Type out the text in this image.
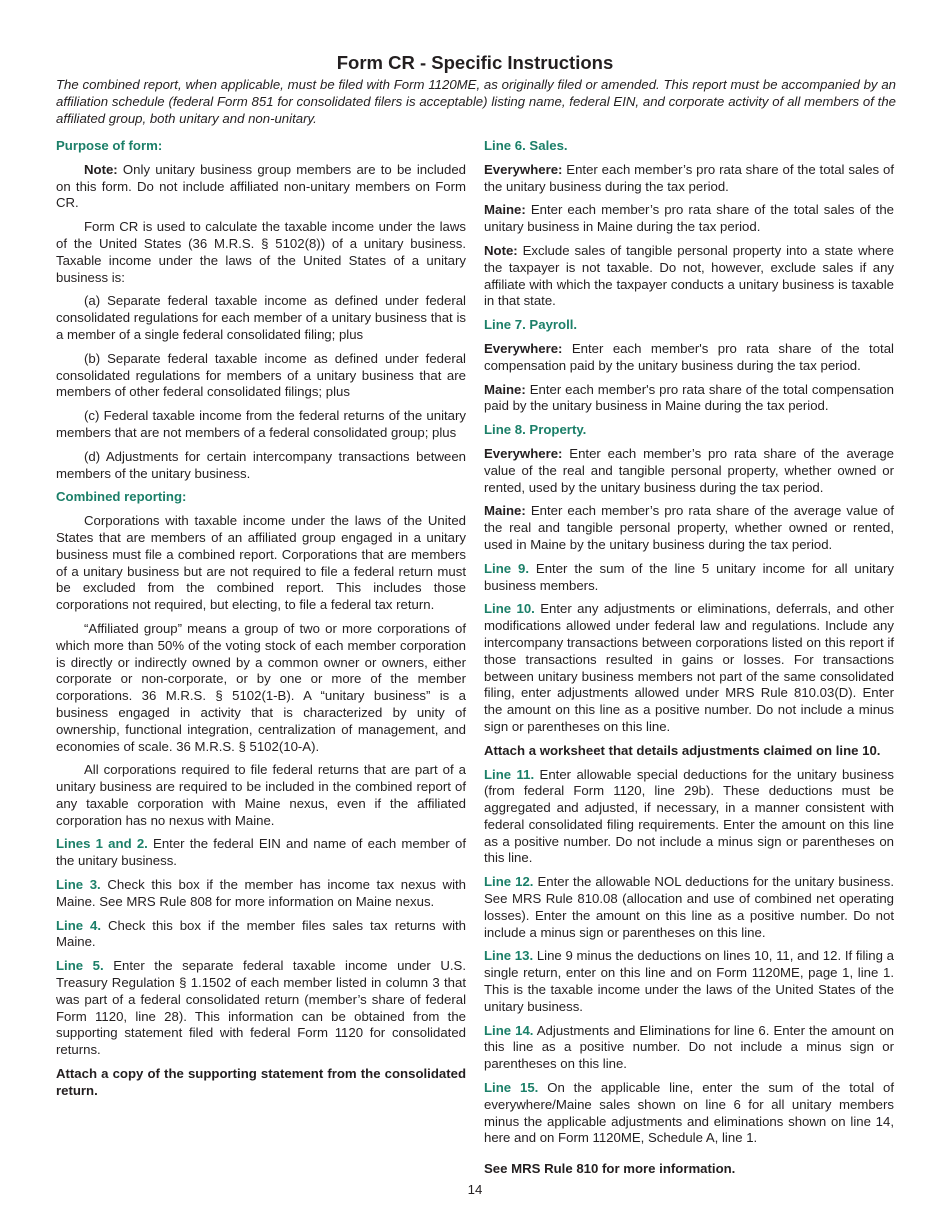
Form CR - Specific Instructions
The combined report, when applicable, must be filed with Form 1120ME, as originally filed or amended. This report must be accompanied by an affiliation schedule (federal Form 851 for consolidated filers is acceptable) listing name, federal EIN, and corporate activity of all members of the affiliated group, both unitary and non-unitary.
Purpose of form:

Note: Only unitary business group members are to be included on this form. Do not include affiliated non-unitary members on Form CR.

Form CR is used to calculate the taxable income under the laws of the United States (36 M.R.S. § 5102(8)) of a unitary business. Taxable income under the laws of the United States of a unitary business is:

(a) Separate federal taxable income as defined under federal consolidated regulations for each member of a unitary business that is a member of a single federal consolidated filing; plus

(b) Separate federal taxable income as defined under federal consolidated regulations for members of a unitary business that are members of other federal consolidated filings; plus

(c) Federal taxable income from the federal returns of the unitary members that are not members of a federal consolidated group; plus

(d) Adjustments for certain intercompany transactions between members of the unitary business.

Combined reporting:

Corporations with taxable income under the laws of the United States that are members of an affiliated group engaged in a unitary business must file a combined report. Corporations that are members of a unitary business but are not required to file a federal return must be excluded from the combined report. This includes those corporations not required, but electing, to file a federal tax return.

“Affiliated group” means a group of two or more corporations of which more than 50% of the voting stock of each member corporation is directly or indirectly owned by a common owner or owners, either corporate or non-corporate, or by one or more of the member corporations. 36 M.R.S. § 5102(1-B). A “unitary business” is a business engaged in activity that is characterized by unity of ownership, functional integration, centralization of management, and economies of scale. 36 M.R.S. § 5102(10-A).

All corporations required to file federal returns that are part of a unitary business are required to be included in the combined report of any taxable corporation with Maine nexus, even if the affiliated corporation has no nexus with Maine.

Lines 1 and 2. Enter the federal EIN and name of each member of the unitary business.

Line 3. Check this box if the member has income tax nexus with Maine. See MRS Rule 808 for more information on Maine nexus.

Line 4. Check this box if the member files sales tax returns with Maine.

Line 5. Enter the separate federal taxable income under U.S. Treasury Regulation § 1.1502 of each member listed in column 3 that was part of a federal consolidated return (member’s share of federal Form 1120, line 28). This information can be obtained from the supporting statement filed with federal Form 1120 for consolidated returns.

Attach a copy of the supporting statement from the consolidated return.

Line 6. Sales.

Everywhere: Enter each member’s pro rata share of the total sales of the unitary business during the tax period.

Maine: Enter each member’s pro rata share of the total sales of the unitary business in Maine during the tax period.

Note: Exclude sales of tangible personal property into a state where the taxpayer is not taxable. Do not, however, exclude sales if any affiliate with which the taxpayer conducts a unitary business is taxable in that state.

Line 7. Payroll.

Everywhere: Enter each member's pro rata share of the total compensation paid by the unitary business during the tax period.

Maine: Enter each member's pro rata share of the total compensation paid by the unitary business in Maine during the tax period.

Line 8. Property.

Everywhere: Enter each member’s pro rata share of the average value of the real and tangible personal property, whether owned or rented, used by the unitary business during the tax period.

Maine: Enter each member’s pro rata share of the average value of the real and tangible personal property, whether owned or rented, used in Maine by the unitary business during the tax period.

Line 9. Enter the sum of the line 5 unitary income for all unitary business members.

Line 10. Enter any adjustments or eliminations, deferrals, and other modifications allowed under federal law and regulations. Include any intercompany transactions between corporations listed on this report if those transactions resulted in gains or losses. For transactions between unitary business members not part of the same consolidated filing, enter adjustments allowed under MRS Rule 810.03(D). Enter the amount on this line as a positive number. Do not include a minus sign or parentheses on this line.

Attach a worksheet that details adjustments claimed on line 10.

Line 11. Enter allowable special deductions for the unitary business (from federal Form 1120, line 29b). These deductions must be aggregated and adjusted, if necessary, in a manner consistent with federal consolidated filing requirements. Enter the amount on this line as a positive number. Do not include a minus sign or parentheses on this line.

Line 12. Enter the allowable NOL deductions for the unitary business. See MRS Rule 810.08 (allocation and use of combined net operating losses). Enter the amount on this line as a positive number. Do not include a minus sign or parentheses on this line.

Line 13. Line 9 minus the deductions on lines 10, 11, and 12. If filing a single return, enter on this line and on Form 1120ME, page 1, line 1. This is the taxable income under the laws of the United States of the unitary business.

Line 14. Adjustments and Eliminations for line 6. Enter the amount on this line as a positive number. Do not include a minus sign or parentheses on this line.

Line 15. On the applicable line, enter the sum of the total of everywhere/Maine sales shown on line 6 for all unitary members minus the applicable adjustments and eliminations shown on line 14, here and on Form 1120ME, Schedule A, line 1.

See MRS Rule 810 for more information.

14
